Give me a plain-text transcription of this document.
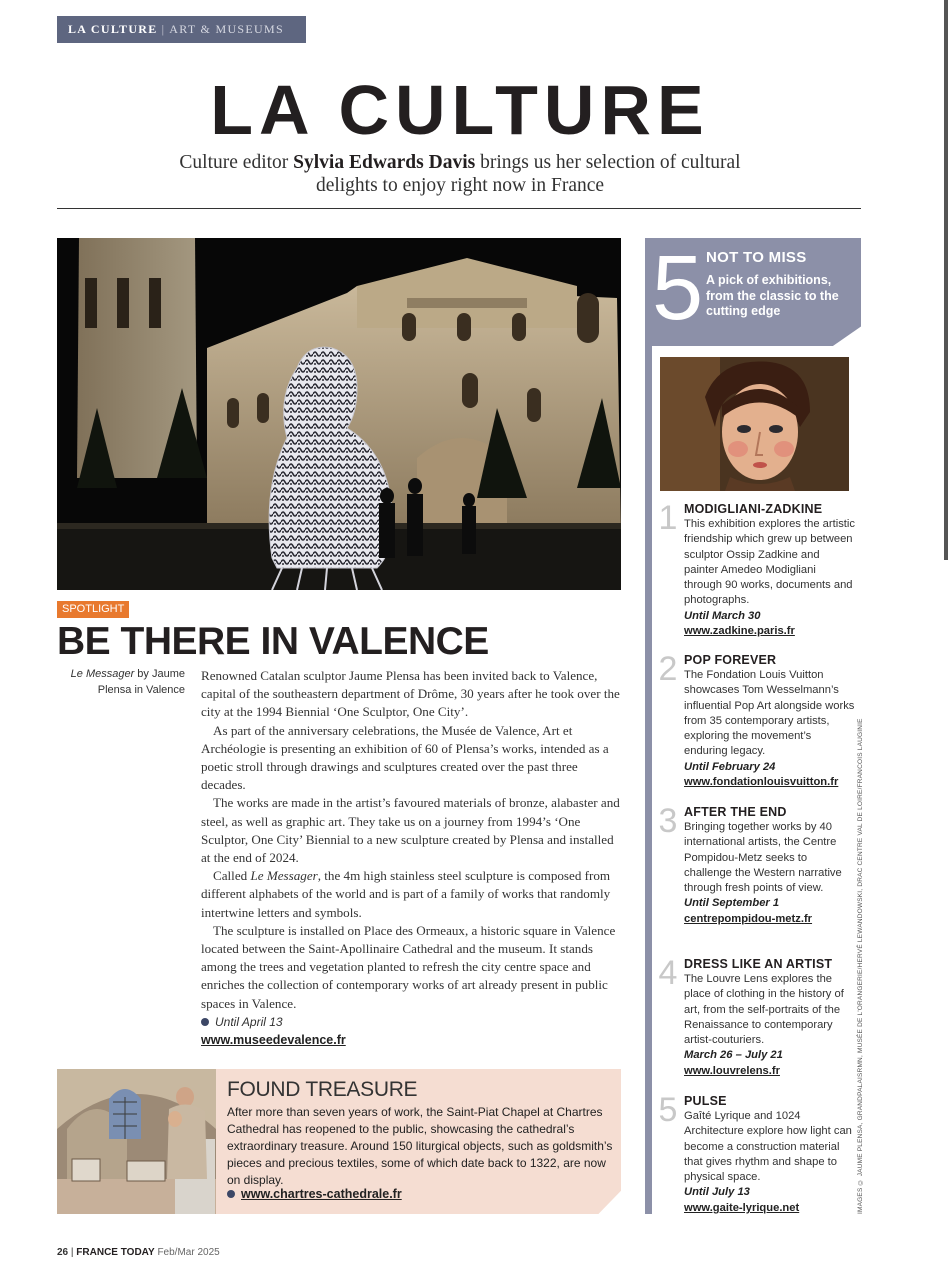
LA CULTURE | ART & MUSEUMS
LA CULTURE
Culture editor Sylvia Edwards Davis brings us her selection of cultural delights to enjoy right now in France
SPOTLIGHT
BE THERE IN VALENCE
Le Messager by Jaume Plensa in Valence

Renowned Catalan sculptor Jaume Plensa has been invited back to Valence, capital of the southeastern department of Drôme, 30 years after he took over the city at the 1994 Biennial ‘One Sculptor, One City’.

As part of the anniversary celebrations, the Musée de Valence, Art et Archéologie is presenting an exhibition of 60 of Plensa’s works, intended as a poetic stroll through drawings and sculptures created over the past three decades.

The works are made in the artist’s favoured materials of bronze, alabaster and steel, as well as graphic art. They take us on a journey from 1994’s ‘One Sculptor, One City’ Biennial to a new sculpture created by Plensa and installed at the end of 2024.

Called Le Messager, the 4m high stainless steel sculpture is composed from different alphabets of the world and is part of a family of works that randomly intertwine letters and symbols.

The sculpture is installed on Place des Ormeaux, a historic square in Valence located between the Saint-Apollinaire Cathedral and the museum. It stands among the trees and vegetation planted to refresh the city centre space and enriches the collection of contemporary works of art already present in public spaces in Valence.

Until April 13
www.museedevalence.fr
FOUND TREASURE
After more than seven years of work, the Saint-Piat Chapel at Chartres Cathedral has reopened to the public, showcasing the cathedral’s extraordinary treasure. Around 150 liturgical objects, such as goldsmith’s pieces and precious textiles, some of which date back to 1322, are now on display.
www.chartres-cathedrale.fr
5 NOT TO MISS
A pick of exhibitions, from the classic to the cutting edge
1 MODIGLIANI-ZADKINE
This exhibition explores the artistic friendship which grew up between sculptor Ossip Zadkine and painter Amedeo Modigliani through 90 works, documents and photographs.
Until March 30
www.zadkine.paris.fr
2 POP FOREVER
The Fondation Louis Vuitton showcases Tom Wesselmann’s influential Pop Art alongside works from 35 contemporary artists, exploring the movement’s enduring legacy.
Until February 24
www.fondationlouisvuitton.fr
3 AFTER THE END
Bringing together works by 40 international artists, the Centre Pompidou-Metz seeks to challenge the Western narrative through fresh points of view.
Until September 1
centrepompidou-metz.fr
4 DRESS LIKE AN ARTIST
The Louvre Lens explores the place of clothing in the history of art, from the self-portraits of the Renaissance to contemporary artist-couturiers.
March 26 – July 21
www.louvrelens.fr
5 PULSE
Gaîté Lyrique and 1024 Architecture explore how light can become a construction material that gives rhythm and shape to physical space.
Until July 13
www.gaite-lyrique.net	IMAGES © JAUME PLENSA, GRANDPALAISRMN, MUSÉE DE L'ORANGERIE/HERVÉ LEWANDOWSKI, DRAC CENTRE VAL DE LOIRE/FRANCOIS LAUGINIE
26 | FRANCE TODAY Feb/Mar 2025
